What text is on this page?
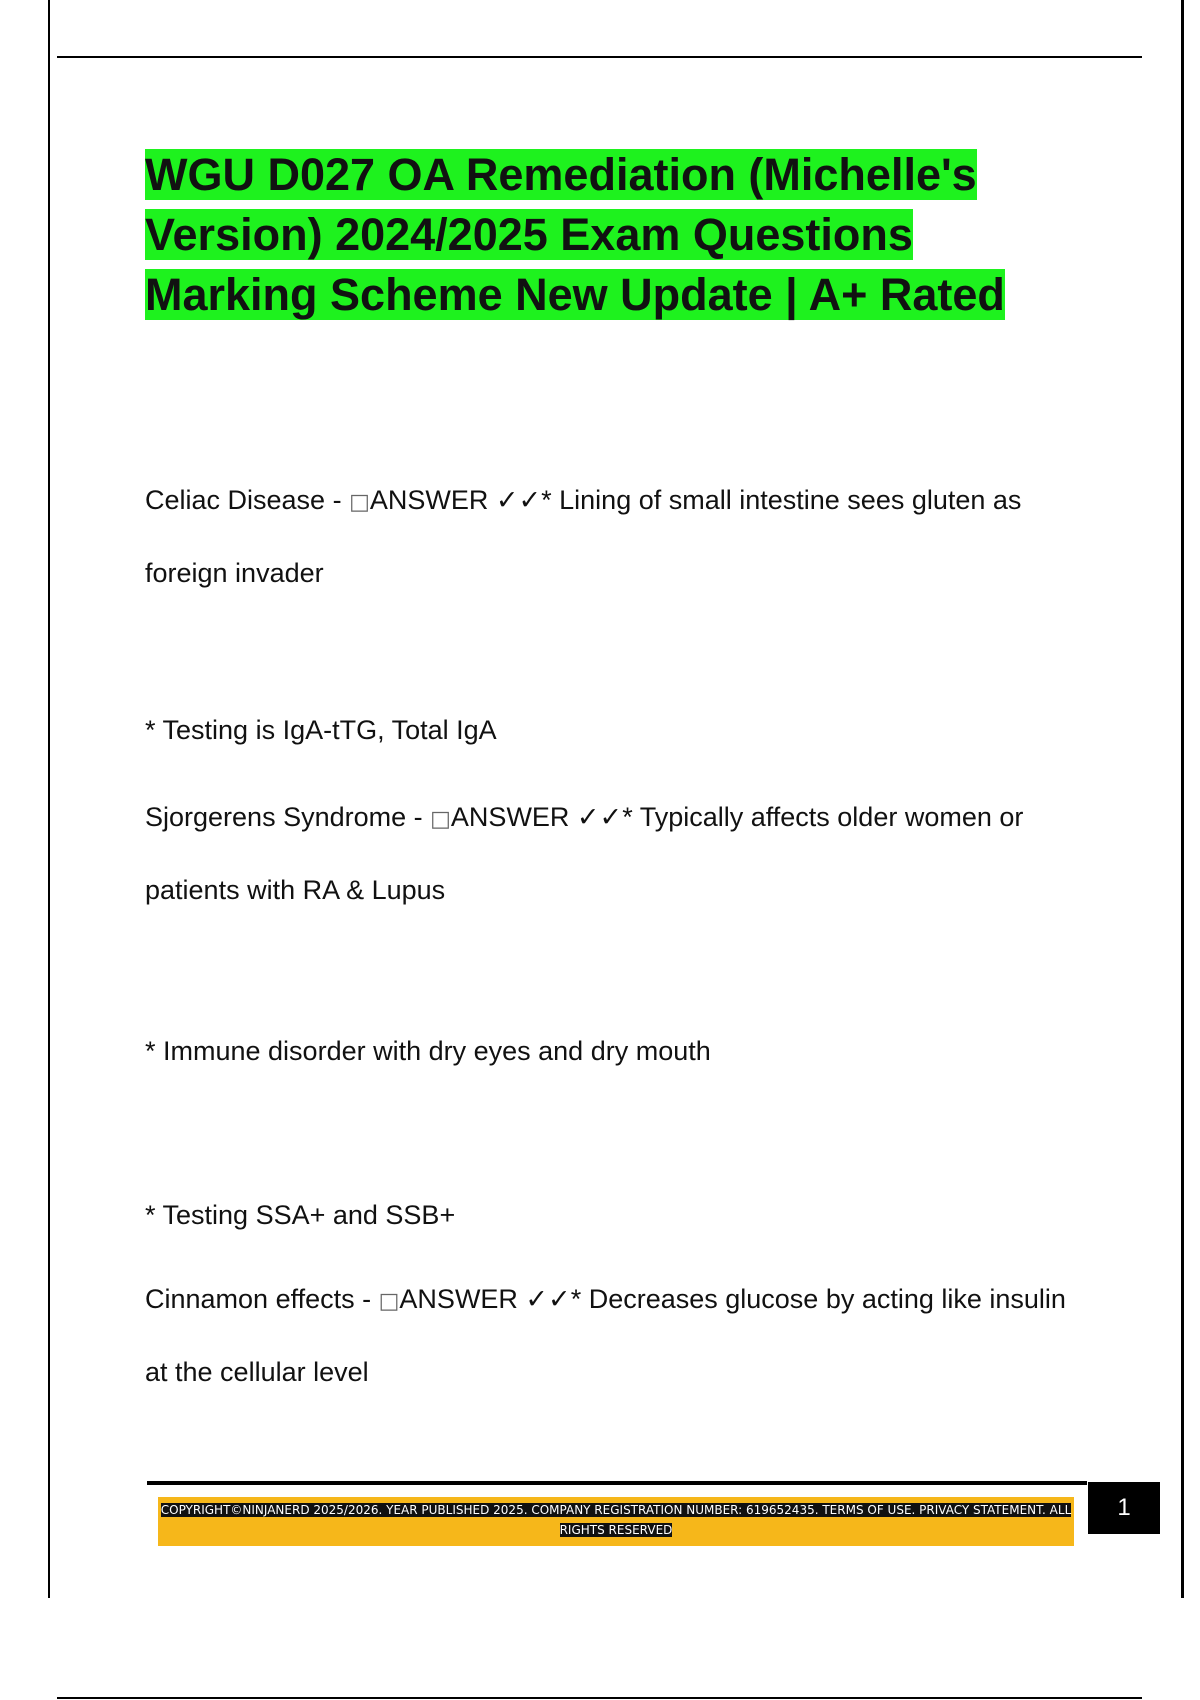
WGU D027 OA Remediation (Michelle's Version) 2024/2025 Exam Questions Marking Scheme New Update | A+ Rated

Celiac Disease - □ANSWER ✓✓* Lining of small intestine sees gluten as foreign invader

* Testing is IgA-tTG, Total IgA

Sjorgerens Syndrome - □ANSWER ✓✓* Typically affects older women or patients with RA & Lupus

* Immune disorder with dry eyes and dry mouth

* Testing SSA+ and SSB+

Cinnamon effects - □ANSWER ✓✓* Decreases glucose by acting like insulin at the cellular level

COPYRIGHT©NINJANERD 2025/2026. YEAR PUBLISHED 2025. COMPANY REGISTRATION NUMBER: 619652435. TERMS OF USE. PRIVACY STATEMENT. ALL RIGHTS RESERVED
1
